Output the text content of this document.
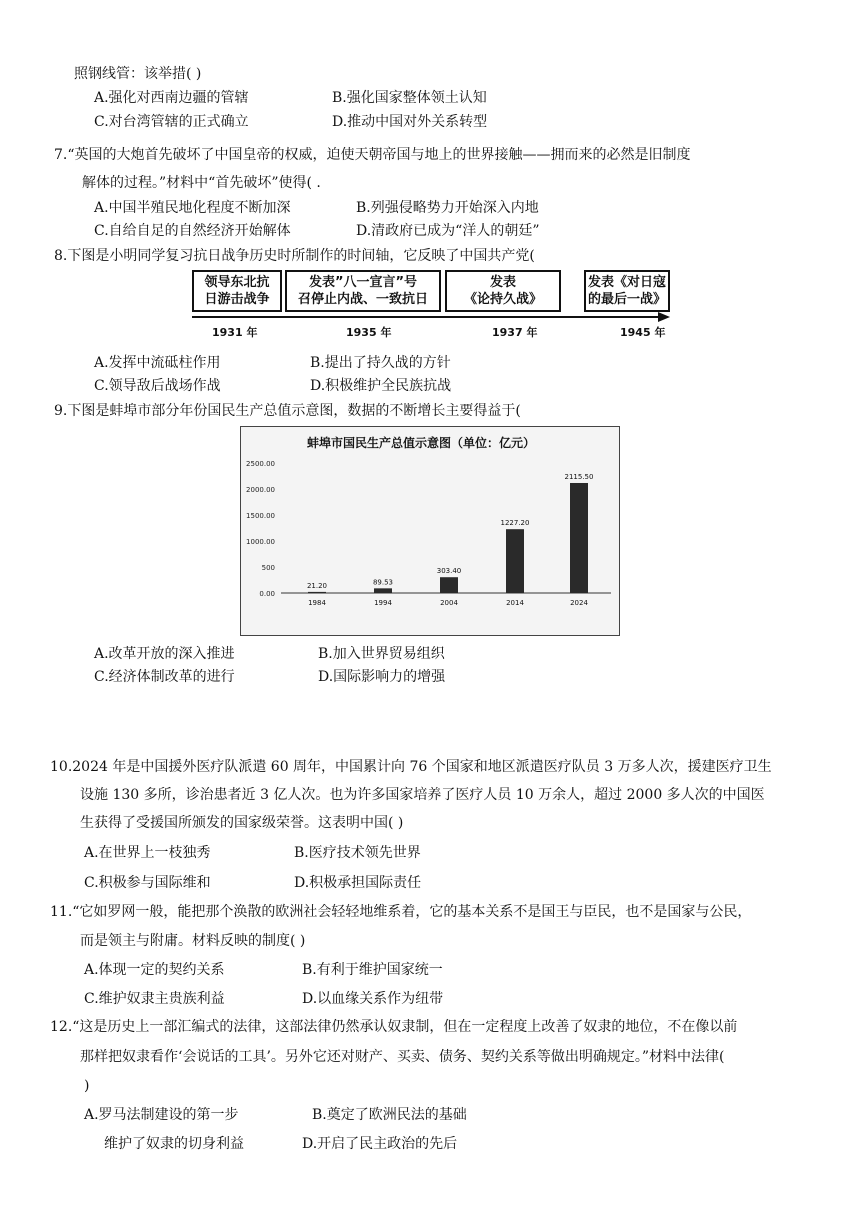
照钢线管：该举措( )
A.强化对西南边疆的管辖	B.强化国家整体领土认知
C.对台湾管辖的正式确立	D.推动中国对外关系转型
7.“英国的大炮首先破坏了中国皇帝的权威，迫使天朝帝国与地上的世界接触——拥而来的必然是旧制度
解体的过程。”材料中“首先破坏”使得( .
A.中国半殖民地化程度不断加深	B.列强侵略势力开始深入内地
C.自给自足的自然经济开始解体	D.清政府已成为“洋人的朝廷”
8.下图是小明同学复习抗日战争历史时所制作的时间轴，它反映了中国共产党(
领导东北抗
日游击战争
发表”八一宣言”号
召停止内战、一致抗日
发表
《论持久战》
发表《对日寇
的最后一战》
1931 年	1935 年	1937 年	1945 年
A.发挥中流砥柱作用	B.提出了持久战的方针
C.领导敌后战场作战	D.积极维护全民族抗战
9.下图是蚌埠市部分年份国民生产总值示意图，数据的不断增长主要得益于(
蚌埠市国民生产总值示意图（单位：亿元）
2500.00
2000.00
1500.00
1000.00
500
0.00
21.20
1984
89.53
1994
303.40
2004
1227.20
2014
2115.50
2024
A.改革开放的深入推进	B.加入世界贸易组织
C.经济体制改革的进行	D.国际影响力的增强
10.2024 年是中国援外医疗队派遣 60 周年，中国累计向 76 个国家和地区派遣医疗队员 3 万多人次，援建医疗卫生
设施 130 多所，诊治患者近 3 亿人次。也为许多国家培养了医疗人员 10 万余人，超过 2000 多人次的中国医
生获得了受援国所颁发的国家级荣誉。这表明中国( )
A.在世界上一枝独秀	B.医疗技术领先世界
C.积极参与国际维和	D.积极承担国际责任
11.“它如罗网一般，能把那个涣散的欧洲社会轻轻地维系着，它的基本关系不是国王与臣民，也不是国家与公民，
而是领主与附庸。材料反映的制度( )
A.体现一定的契约关系	B.有利于维护国家统一
C.维护奴隶主贵族利益	D.以血缘关系作为纽带
12.“这是历史上一部汇编式的法律，这部法律仍然承认奴隶制，但在一定程度上改善了奴隶的地位，不在像以前
那样把奴隶看作‘会说话的工具’。另外它还对财产、买卖、债务、契约关系等做出明确规定。”材料中法律(
)
A.罗马法制建设的第一步	B.奠定了欧洲民法的基础
维护了奴隶的切身利益	D.开启了民主政治的先后
